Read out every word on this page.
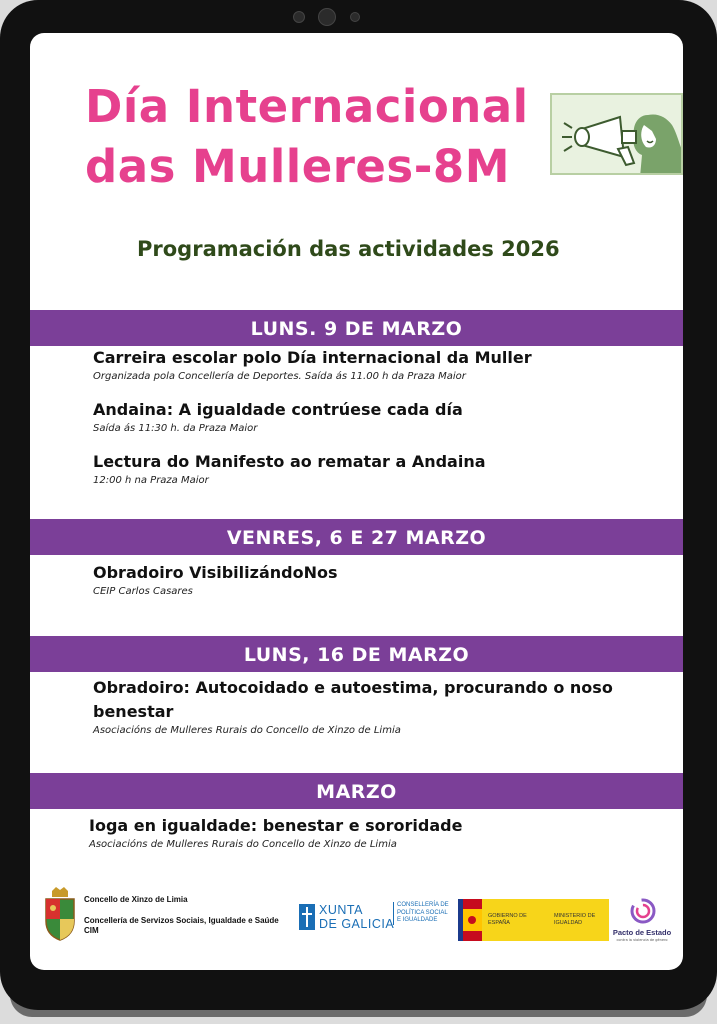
Día Internacional
das Mulleres-8M
Programación das actividades 2026
LUNS. 9 DE MARZO
Carreira escolar polo Día internacional da Muller
Organizada pola Concellería de Deportes. Saída ás 11.00 h da Praza Maior
Andaina: A igualdade contrúese cada día
Saída ás 11:30 h. da Praza Maior
Lectura do Manifesto ao rematar a Andaina
12:00 h na Praza Maior
VENRES, 6 E 27 MARZO
Obradoiro VisibilizándoNos
CEIP Carlos Casares
LUNS, 16 DE MARZO
Obradoiro: Autocoidado e autoestima, procurando o noso benestar
Asociacións de Mulleres Rurais do Concello de Xinzo de Limia
MARZO
Ioga en igualdade: benestar e sororidade
Asociacións de Mulleres Rurais do Concello de Xinzo de Limia
Concello de Xinzo de Limia
Concellería de Servizos Sociais, Igualdade e Saúde
CIM
XUNTA
DE GALICIA
CONSELLERÍA DE
POLÍTICA SOCIAL
E IGUALDADE
GOBIERNO DE ESPAÑA
MINISTERIO DE IGUALDAD
Pacto de Estado
contra la violencia de género
